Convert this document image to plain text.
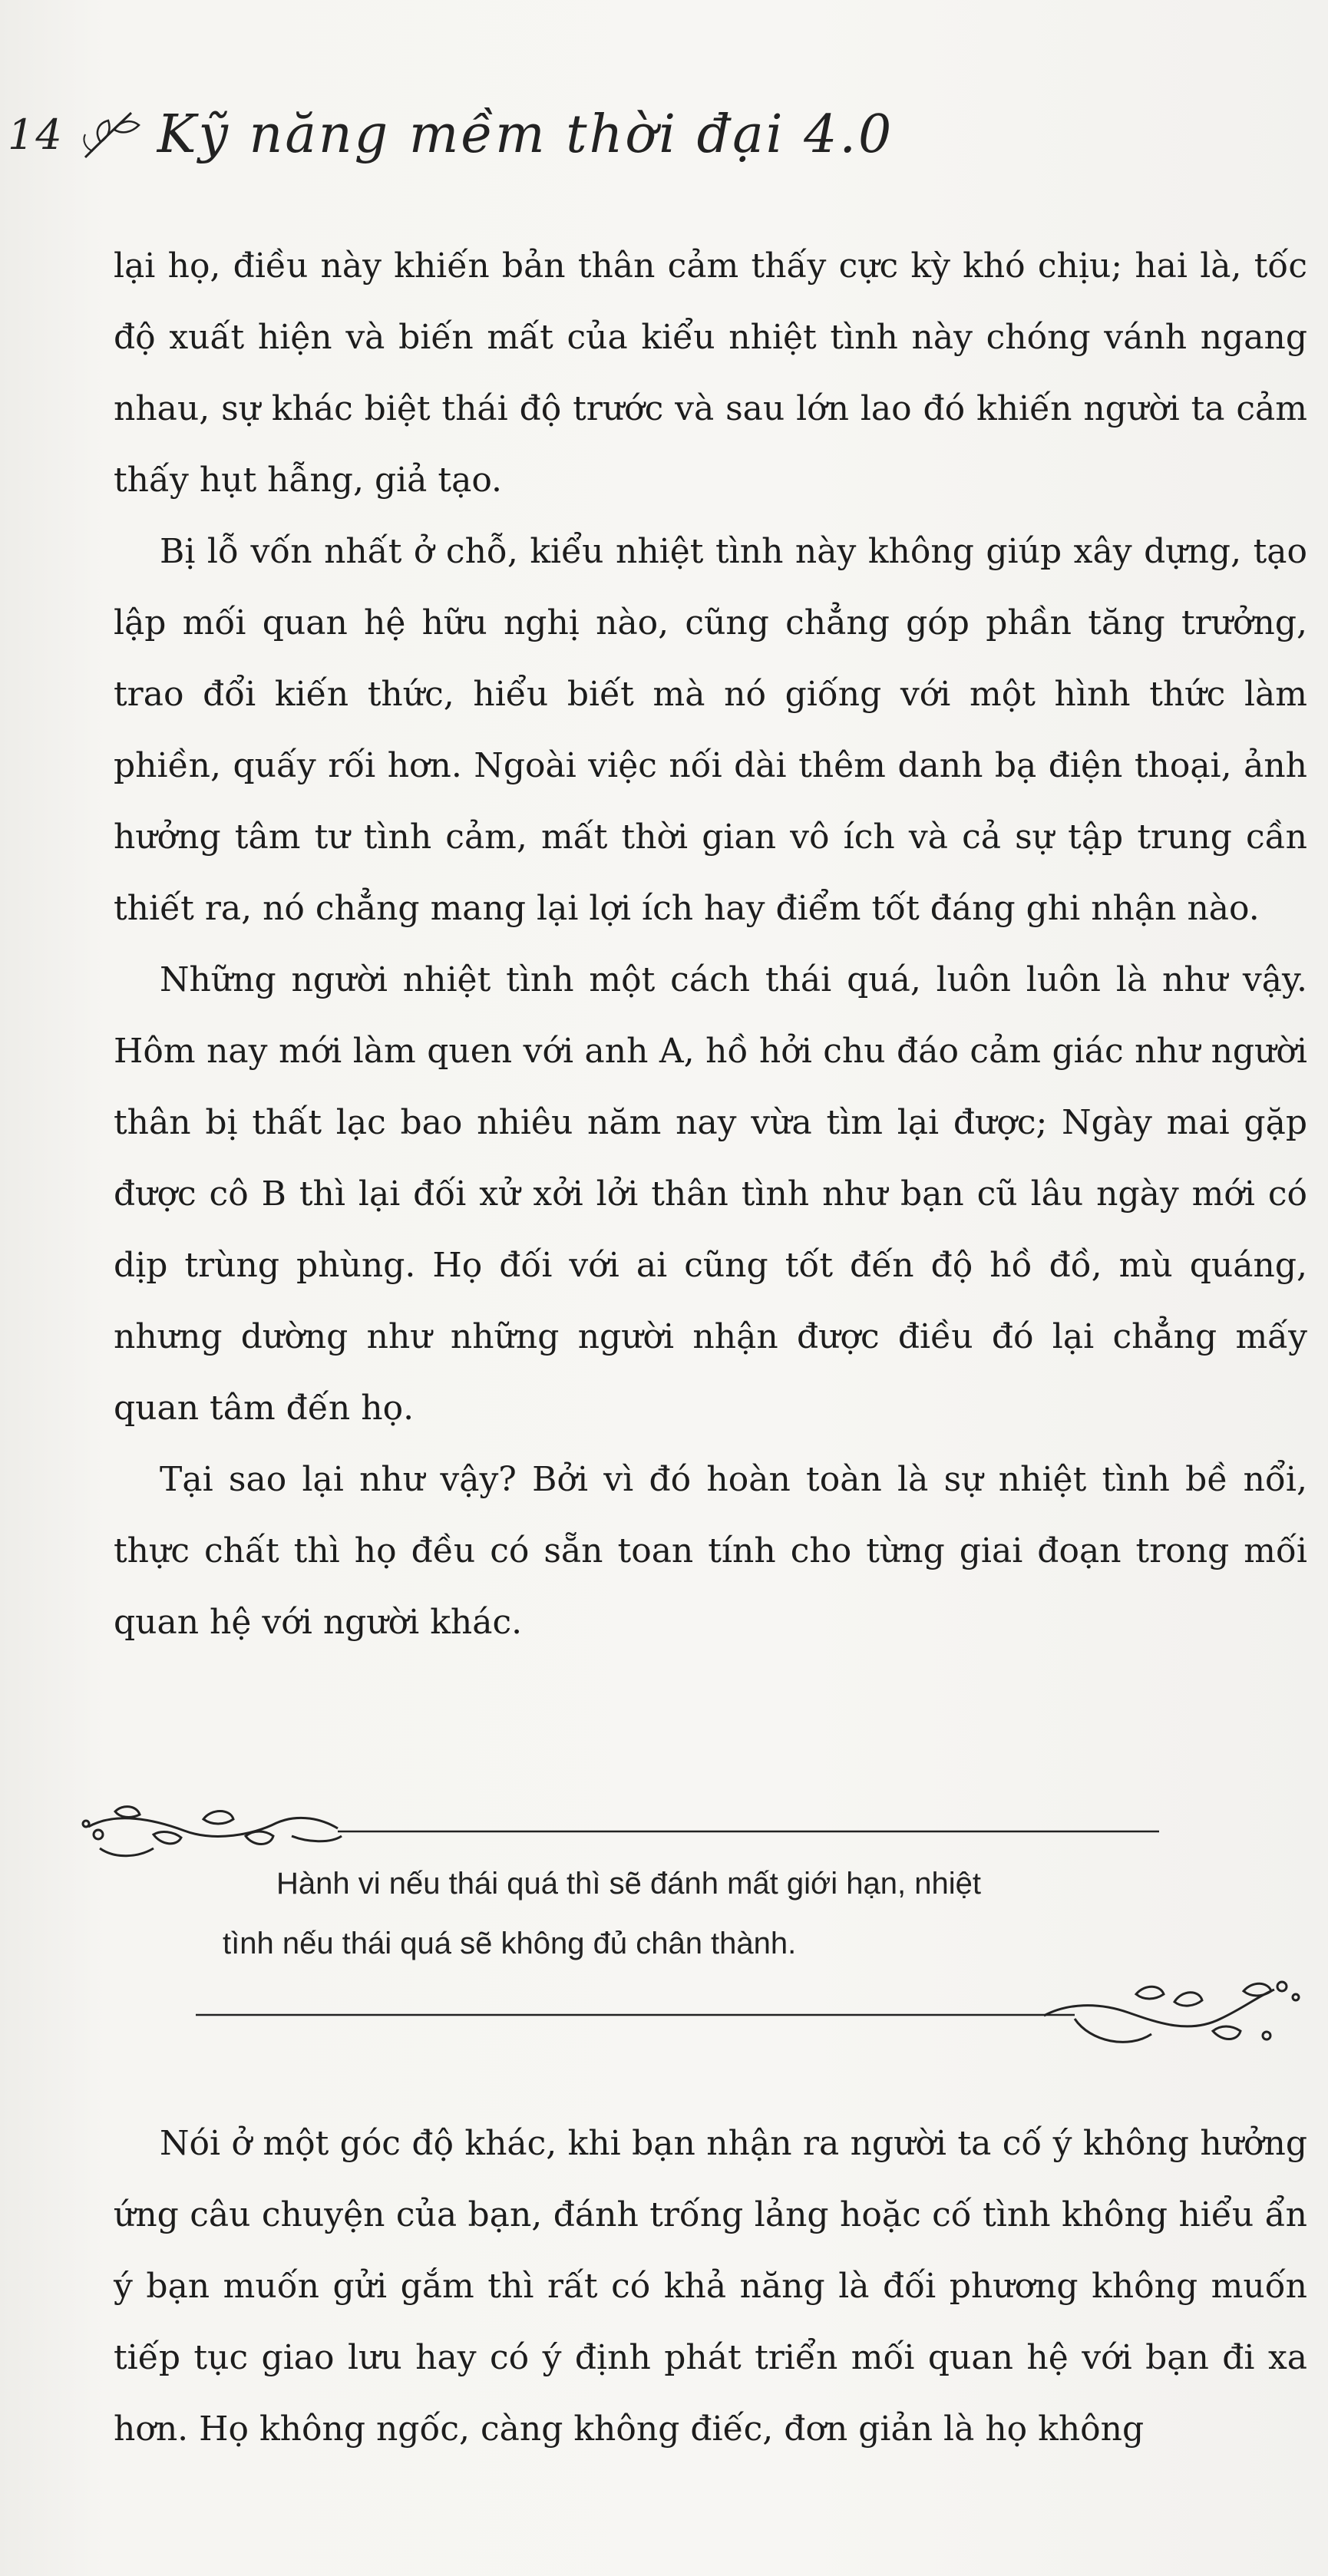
14 Kỹ năng mềm thời đại 4.0

lại họ, điều này khiến bản thân cảm thấy cực kỳ khó chịu; hai là, tốc độ xuất hiện và biến mất của kiểu nhiệt tình này chóng vánh ngang nhau, sự khác biệt thái độ trước và sau lớn lao đó khiến người ta cảm thấy hụt hẫng, giả tạo.

Bị lỗ vốn nhất ở chỗ, kiểu nhiệt tình này không giúp xây dựng, tạo lập mối quan hệ hữu nghị nào, cũng chẳng góp phần tăng trưởng, trao đổi kiến thức, hiểu biết mà nó giống với một hình thức làm phiền, quấy rối hơn. Ngoài việc nối dài thêm danh bạ điện thoại, ảnh hưởng tâm tư tình cảm, mất thời gian vô ích và cả sự tập trung cần thiết ra, nó chẳng mang lại lợi ích hay điểm tốt đáng ghi nhận nào.

Những người nhiệt tình một cách thái quá, luôn luôn là như vậy. Hôm nay mới làm quen với anh A, hồ hởi chu đáo cảm giác như người thân bị thất lạc bao nhiêu năm nay vừa tìm lại được; Ngày mai gặp được cô B thì lại đối xử xởi lởi thân tình như bạn cũ lâu ngày mới có dịp trùng phùng. Họ đối với ai cũng tốt đến độ hồ đồ, mù quáng, nhưng dường như những người nhận được điều đó lại chẳng mấy quan tâm đến họ.

Tại sao lại như vậy? Bởi vì đó hoàn toàn là sự nhiệt tình bề nổi, thực chất thì họ đều có sẵn toan tính cho từng giai đoạn trong mối quan hệ với người khác.

Hành vi nếu thái quá thì sẽ đánh mất giới hạn, nhiệt
tình nếu thái quá sẽ không đủ chân thành.

Nói ở một góc độ khác, khi bạn nhận ra người ta cố ý không hưởng ứng câu chuyện của bạn, đánh trống lảng hoặc cố tình không hiểu ẩn ý bạn muốn gửi gắm thì rất có khả năng là đối phương không muốn tiếp tục giao lưu hay có ý định phát triển mối quan hệ với bạn đi xa hơn. Họ không ngốc, càng không điếc, đơn giản là họ không
